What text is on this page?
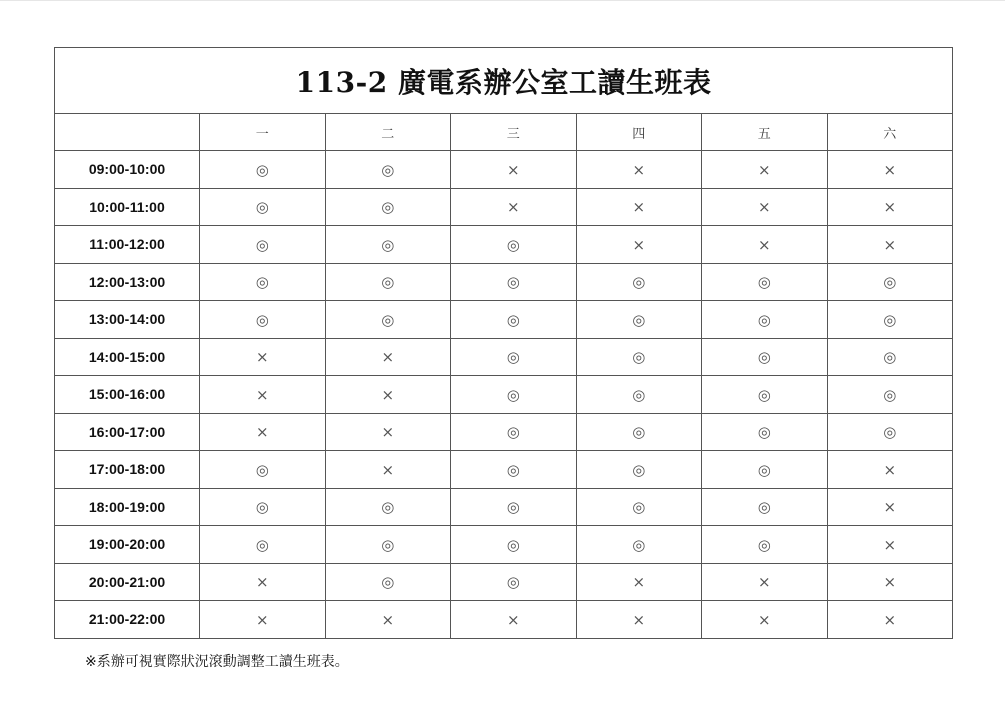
113-2 廣電系辦公室工讀生班表						
	一	二	三	四	五	六
09:00-10:00	◎	◎	×	×	×	×
10:00-11:00	◎	◎	×	×	×	×
11:00-12:00	◎	◎	◎	×	×	×
12:00-13:00	◎	◎	◎	◎	◎	◎
13:00-14:00	◎	◎	◎	◎	◎	◎
14:00-15:00	×	×	◎	◎	◎	◎
15:00-16:00	×	×	◎	◎	◎	◎
16:00-17:00	×	×	◎	◎	◎	◎
17:00-18:00	◎	×	◎	◎	◎	×
18:00-19:00	◎	◎	◎	◎	◎	×
19:00-20:00	◎	◎	◎	◎	◎	×
20:00-21:00	×	◎	◎	×	×	×
21:00-22:00	×	×	×	×	×	×
※系辦可視實際狀況滾動調整工讀生班表。
